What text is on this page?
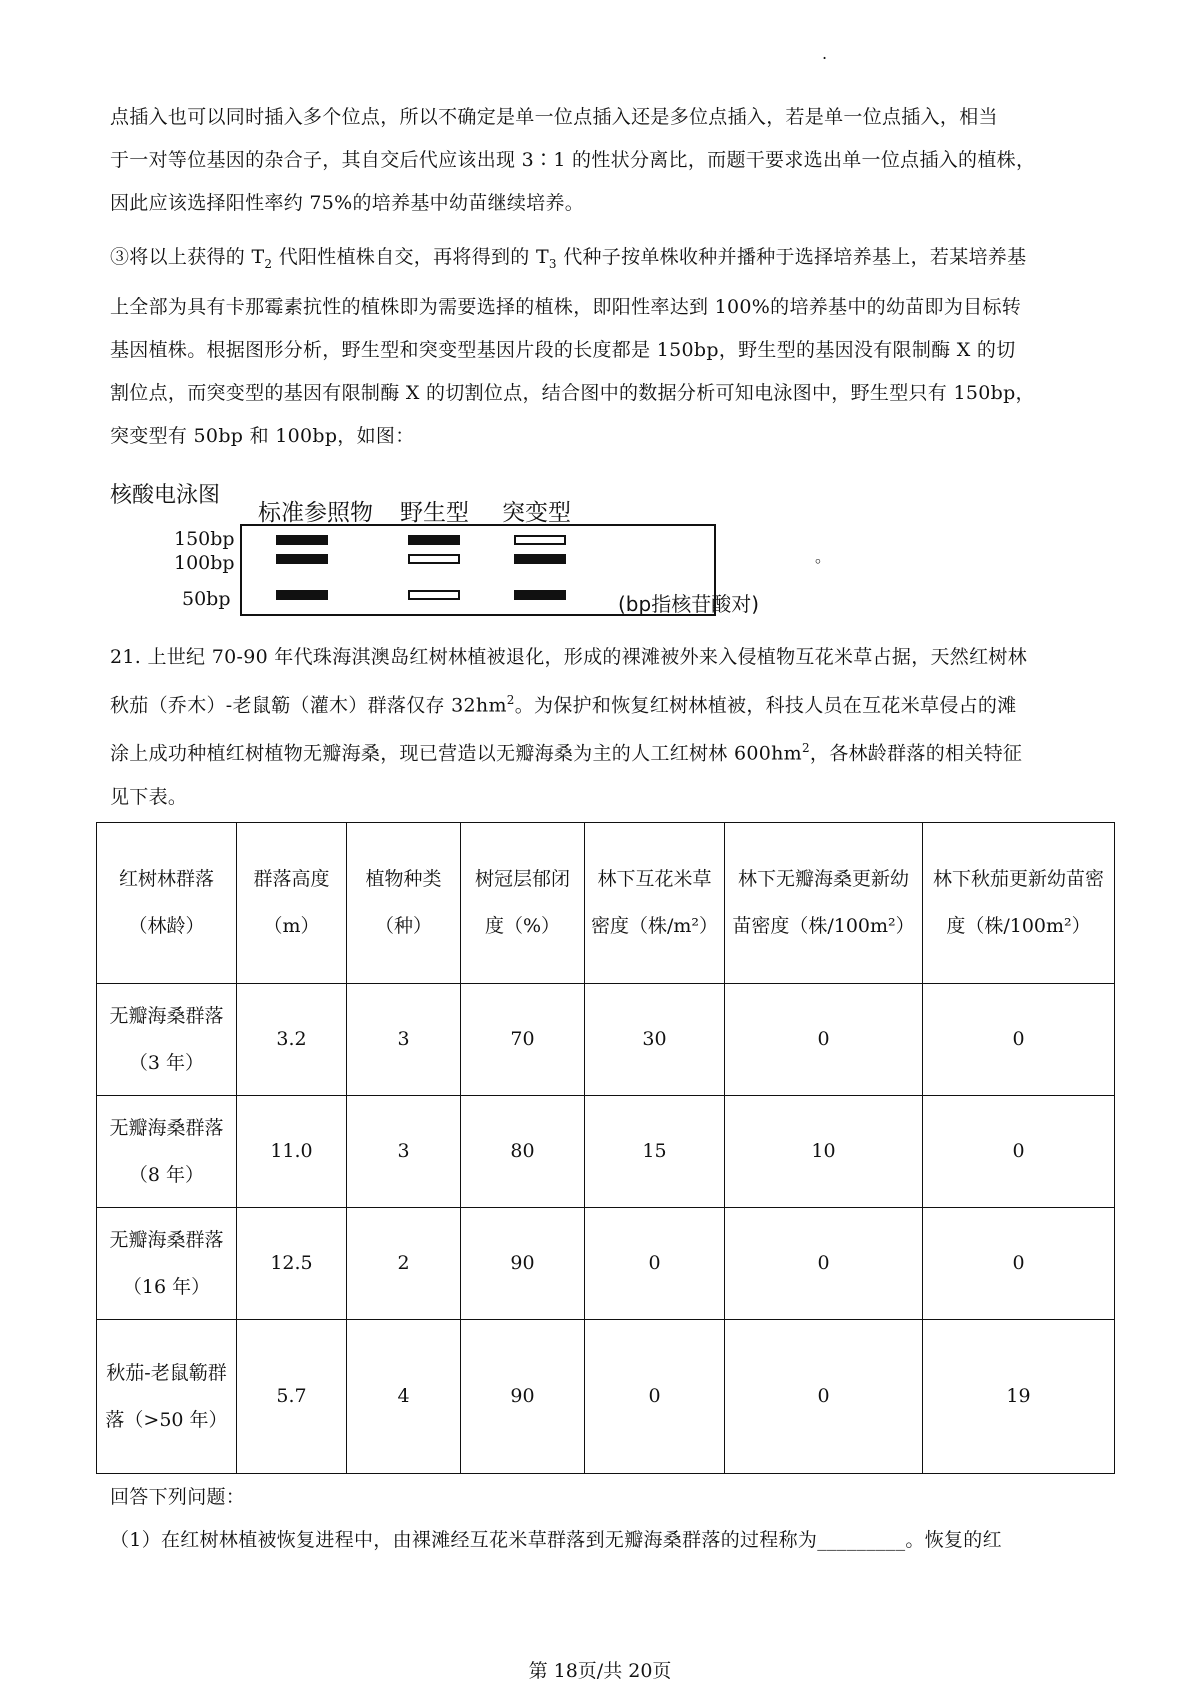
.
点插入也可以同时插入多个位点，所以不确定是单一位点插入还是多位点插入，若是单一位点插入，相当
于一对等位基因的杂合子，其自交后代应该出现 3∶1 的性状分离比，而题干要求选出单一位点插入的植株，
因此应该选择阳性率约 75%的培养基中幼苗继续培养。
③将以上获得的 $T_2$ 代阳性植株自交，再将得到的 $T_3$ 代种子按单株收种并播种于选择培养基上，若某培养基
上全部为具有卡那霉素抗性的植株即为需要选择的植株，即阳性率达到 100%的培养基中的幼苗即为目标转
基因植株。根据图形分析，野生型和突变型基因片段的长度都是 150bp，野生型的基因没有限制酶 X 的切
割位点，而突变型的基因有限制酶 X 的切割位点，结合图中的数据分析可知电泳图中，野生型只有 150bp，
突变型有 50bp 和 100bp，如图：
核酸电泳图
标准参照物 野生型 突变型
150bp
100bp
50bp	(bp指核苷酸对)
。
21. 上世纪 70-90 年代珠海淇澳岛红树林植被退化，形成的裸滩被外来入侵植物互花米草占据，天然红树林
秋茄（乔木）-老鼠簕（灌木）群落仅存 $32hm^2$。为保护和恢复红树林植被，科技人员在互花米草侵占的滩
涂上成功种植红树植物无瓣海桑，现已营造以无瓣海桑为主的人工红树林 $600hm^2$，各林龄群落的相关特征
见下表。
红树林群落（林龄）	群落高度（m）	植物种类（种）	树冠层郁闭度（%）	林下互花米草密度（株/m²）	林下无瓣海桑更新幼苗密度（株/100m²）	林下秋茄更新幼苗密度（株/100m²）
无瓣海桑群落（3 年）	3.2	3	70	30	0	0
无瓣海桑群落（8 年）	11.0	3	80	15	10	0
无瓣海桑群落（16 年）	12.5	2	90	0	0	0
秋茄-老鼠簕群落（>50 年）	5.7	4	90	0	0	19
回答下列问题：
（1）在红树林植被恢复进程中，由裸滩经互花米草群落到无瓣海桑群落的过程称为_________。恢复的红
第 18页/共 20页
